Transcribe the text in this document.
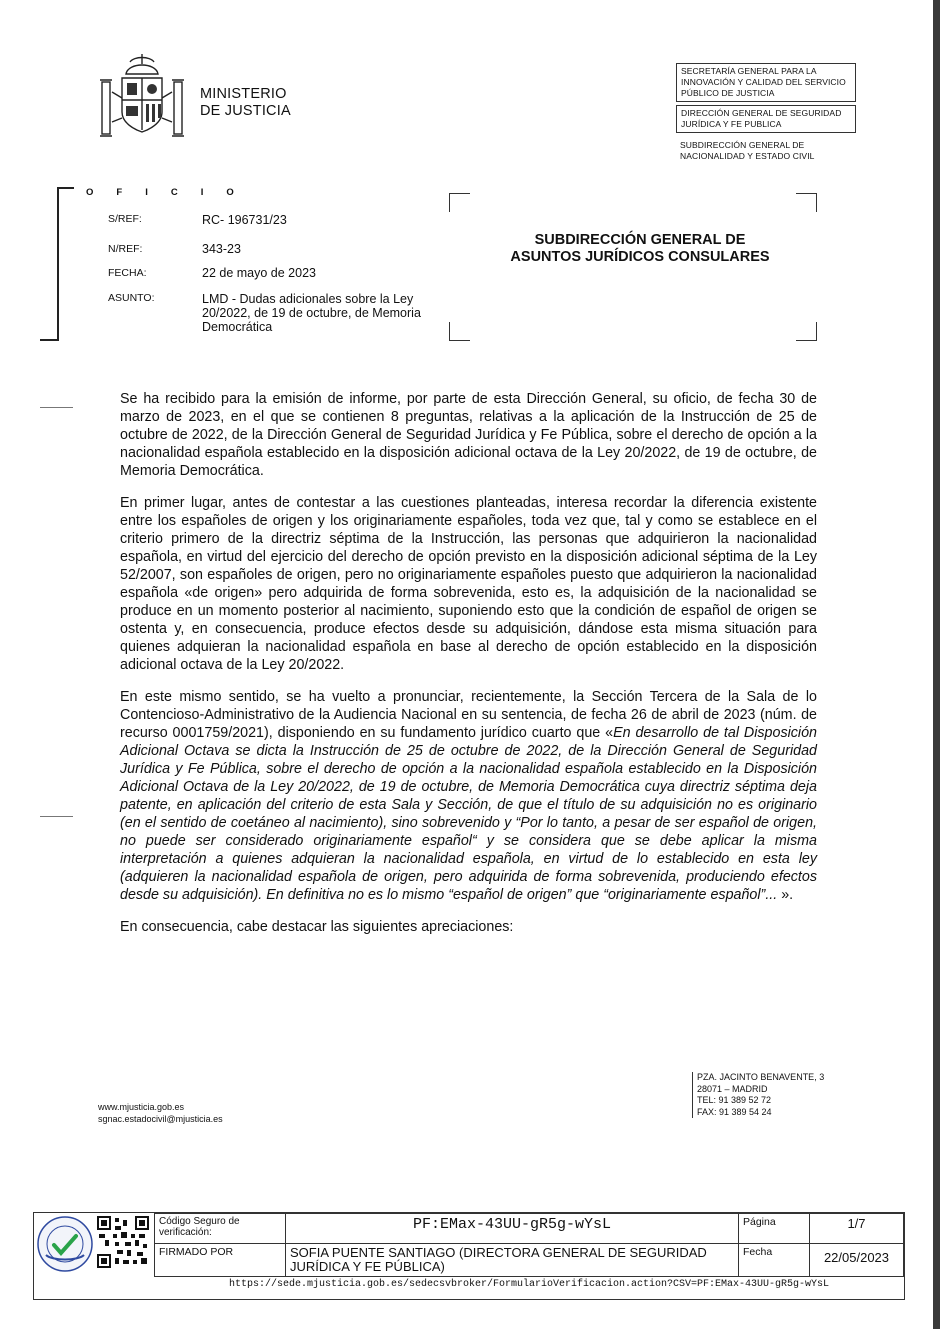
MINISTERIO
DE JUSTICIA
SECRETARÍA GENERAL PARA LA INNOVACIÓN Y CALIDAD DEL SERVICIO PÚBLICO DE JUSTICIA
DIRECCIÓN GENERAL DE SEGURIDAD JURÍDICA Y FE PUBLICA
SUBDIRECCIÓN GENERAL DE NACIONALIDAD Y ESTADO CIVIL
OFICIO
S/REF:	RC- 196731/23
N/REF:	343-23
FECHA:	22 de mayo de 2023
ASUNTO:	LMD - Dudas adicionales sobre la Ley 20/2022, de 19 de octubre, de Memoria Democrática
SUBDIRECCIÓN GENERAL DE
ASUNTOS JURÍDICOS CONSULARES

Se ha recibido para la emisión de informe, por parte de esta Dirección General, su oficio, de fecha 30 de marzo de 2023, en el que se contienen 8 preguntas, relativas a la aplicación de la Instrucción de 25 de octubre de 2022, de la Dirección General de Seguridad Jurídica y Fe Pública, sobre el derecho de opción a la nacionalidad española establecido en la disposición adicional octava de la Ley 20/2022, de 19 de octubre, de Memoria Democrática.

En primer lugar, antes de contestar a las cuestiones planteadas, interesa recordar la diferencia existente entre los españoles de origen y los originariamente españoles, toda vez que, tal y como se establece en el criterio primero de la directriz séptima de la Instrucción, las personas que adquirieron la nacionalidad española, en virtud del ejercicio del derecho de opción previsto en la disposición adicional séptima de la Ley 52/2007, son españoles de origen, pero no originariamente españoles puesto que adquirieron la nacionalidad española «de origen» pero adquirida de forma sobrevenida, esto es, la adquisición de la nacionalidad se produce en un momento posterior al nacimiento, suponiendo esto que la condición de español de origen se ostenta y, en consecuencia, produce efectos desde su adquisición, dándose esta misma situación para quienes adquieran la nacionalidad española en base al derecho de opción establecido en la disposición adicional octava de la Ley 20/2022.

En este mismo sentido, se ha vuelto a pronunciar, recientemente, la Sección Tercera de la Sala de lo Contencioso-Administrativo de la Audiencia Nacional en su sentencia, de fecha 26 de abril de 2023 (núm. de recurso 0001759/2021), disponiendo en su fundamento jurídico cuarto que «En desarrollo de tal Disposición Adicional Octava se dicta la Instrucción de 25 de octubre de 2022, de la Dirección General de Seguridad Jurídica y Fe Pública, sobre el derecho de opción a la nacionalidad española establecido en la Disposición Adicional Octava de la Ley 20/2022, de 19 de octubre, de Memoria Democrática cuya directriz séptima deja patente, en aplicación del criterio de esta Sala y Sección, de que el título de su adquisición no es originario (en el sentido de coetáneo al nacimiento), sino sobrevenido y “Por lo tanto, a pesar de ser español de origen, no puede ser considerado originariamente español“ y se considera que se debe aplicar la misma interpretación a quienes adquieran la nacionalidad española, en virtud de lo establecido en esta ley (adquieren la nacionalidad española de origen, pero adquirida de forma sobrevenida, produciendo efectos desde su adquisición). En definitiva no es lo mismo “español de origen” que “originariamente español”... ».

En consecuencia, cabe destacar las siguientes apreciaciones:

www.mjusticia.gob.es
sgnac.estadocivil@mjusticia.es
PZA. JACINTO BENAVENTE, 3
28071 – MADRID
TEL: 91 389 52 72
FAX: 91 389 54 24
Código Seguro de verificación:	PF:EMax-43UU-gR5g-wYsL	Página	1/7
FIRMADO POR	SOFIA PUENTE SANTIAGO (DIRECTORA GENERAL DE SEGURIDAD JURÍDICA Y FE PÚBLICA)	Fecha	22/05/2023
https://sede.mjusticia.gob.es/sedecsvbroker/FormularioVerificacion.action?CSV=PF:EMax-43UU-gR5g-wYsL
